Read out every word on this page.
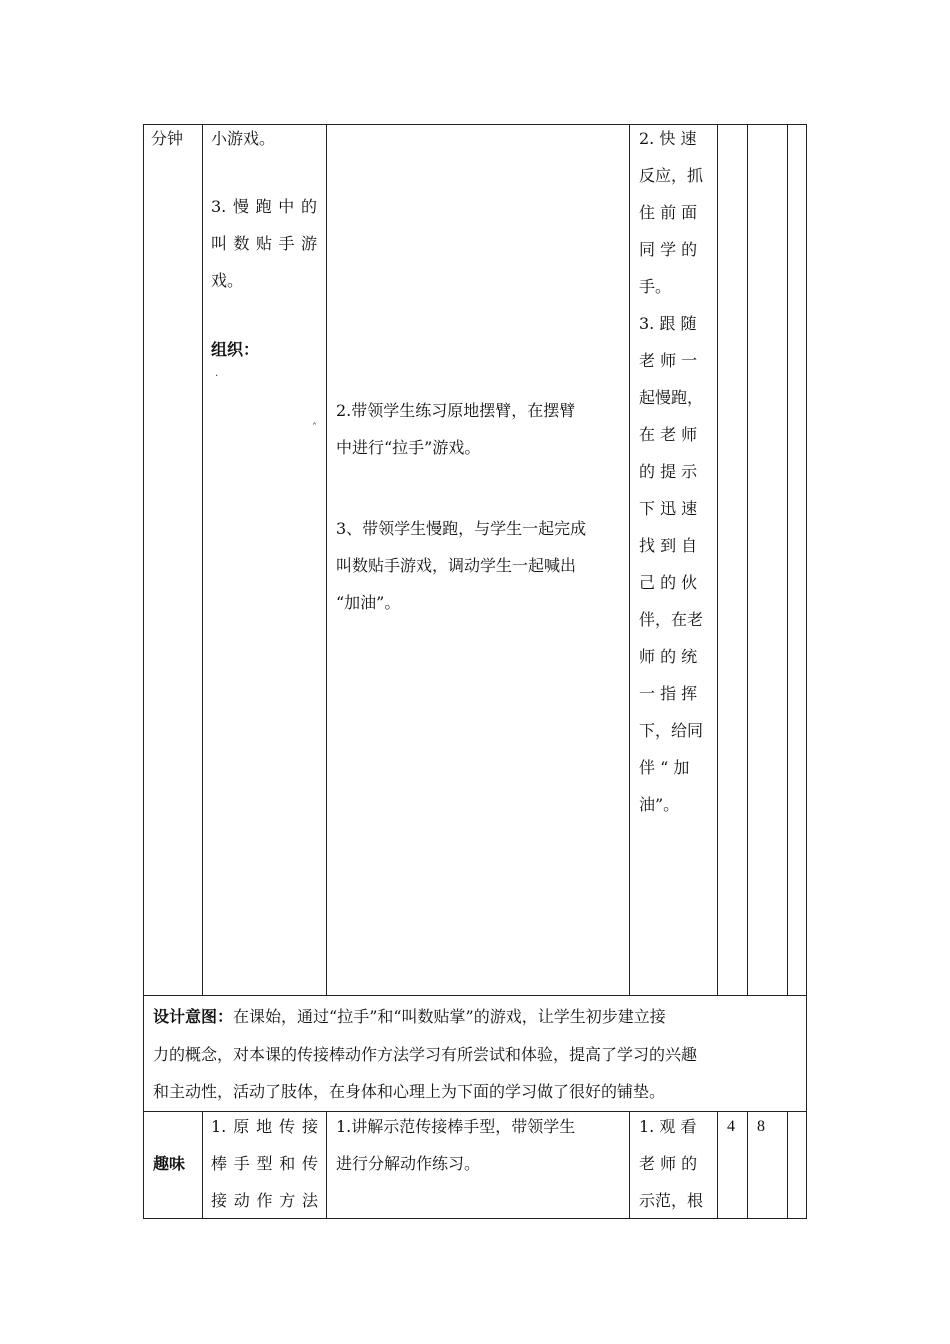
分钟 小游戏。
3.慢跑中的
叫数贴手游
戏。
组织：
·
ˆ
2.带领学生练习原地摆臂，在摆臂
中进行“拉手”游戏。
3、带领学生慢跑，与学生一起完成
叫数贴手游戏，调动学生一起喊出
“加油”。
2. 快 速
反应，抓
住 前 面
同 学 的
手。
3. 跟 随
老 师 一
起慢跑，
在 老 师
的 提 示
下 迅 速
找 到 自
己 的 伙
伴，在老
师 的 统
一 指 挥
下，给同
伴 “ 加
油”。
设计意图：在课始，通过“拉手”和“叫数贴掌”的游戏，让学生初步建立接
力的概念，对本课的传接棒动作方法学习有所尝试和体验，提高了学习的兴趣
和主动性，活动了肢体，在身体和心理上为下面的学习做了很好的铺垫。
趣味
1.原地传接
棒手型和传
接动作方法
1.讲解示范传接棒手型，带领学生
进行分解动作练习。
1. 观 看
老 师 的
示范，根
4 8
